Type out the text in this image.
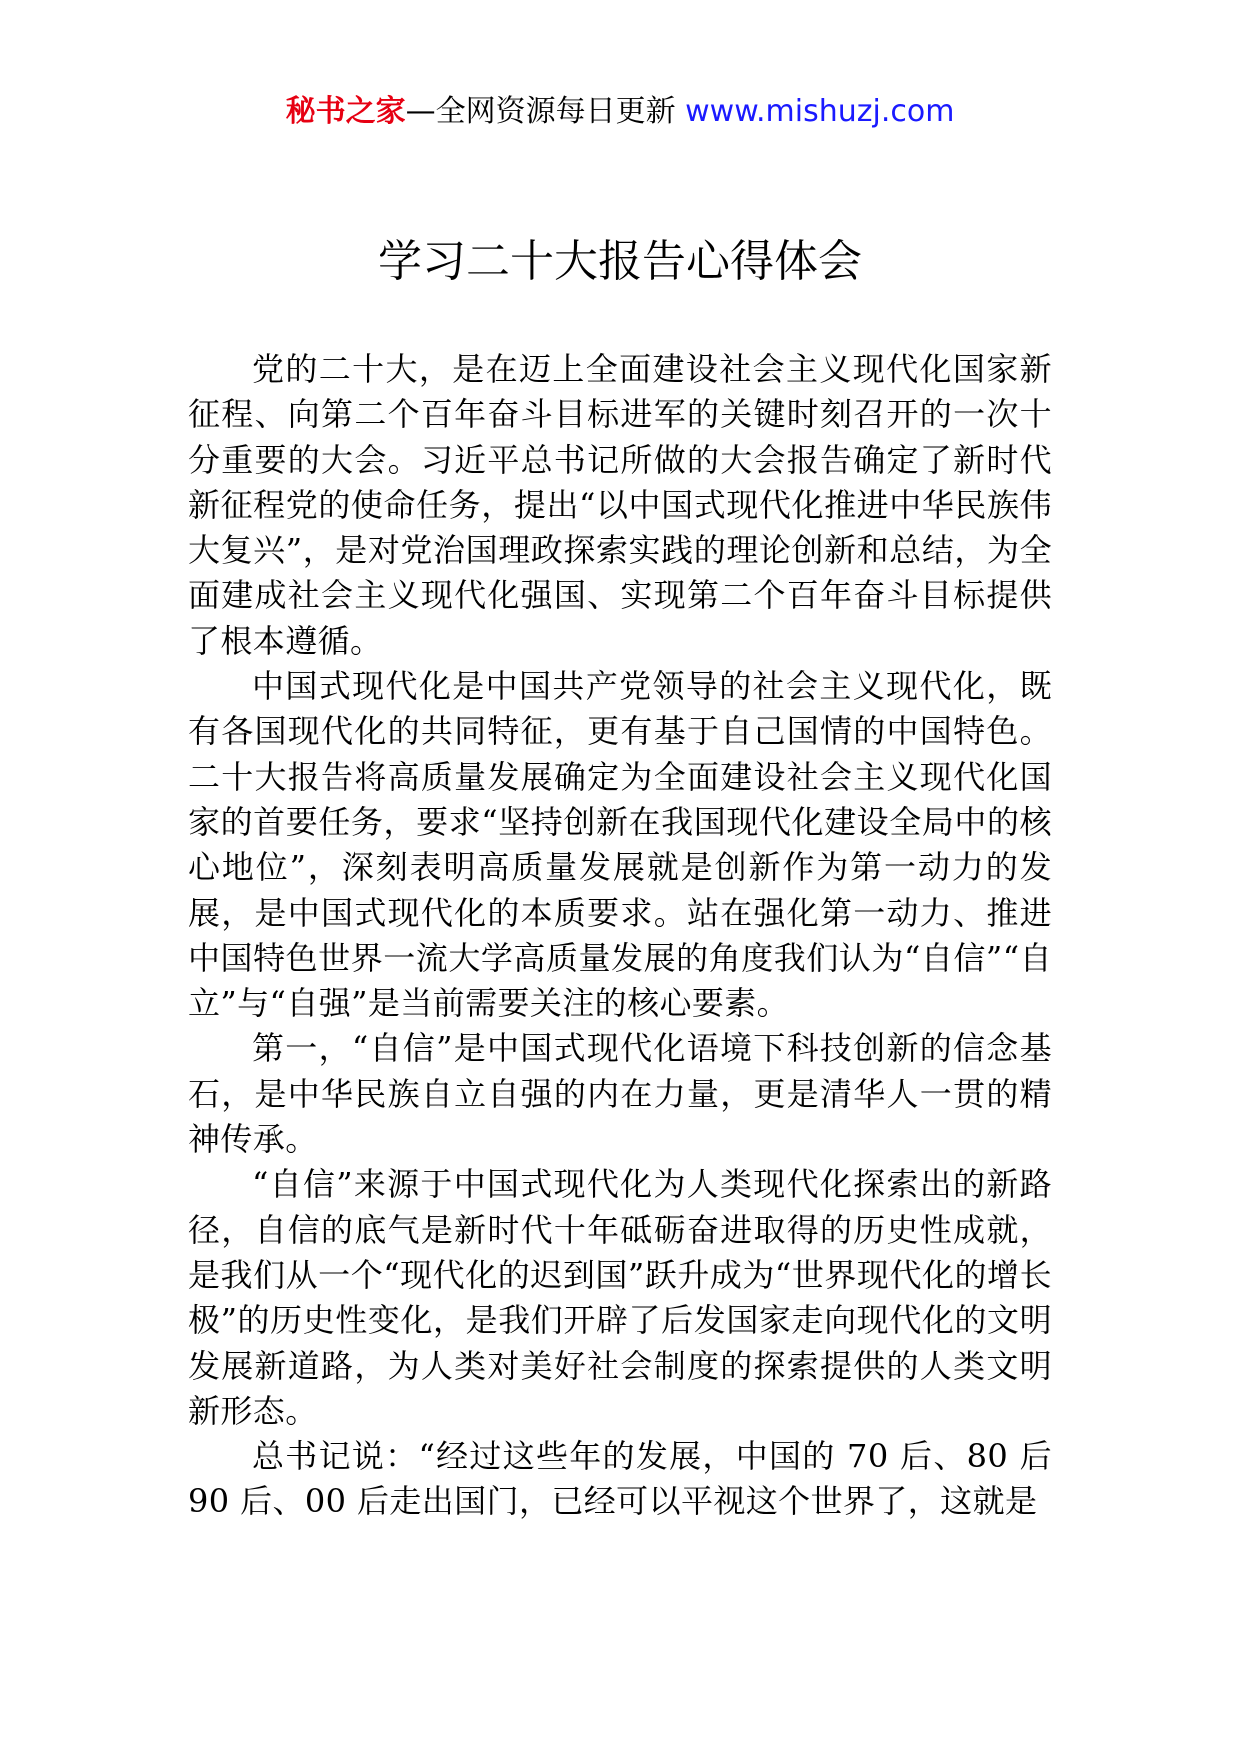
秘书之家—全网资源每日更新 www.mishuzj.com
学习二十大报告心得体会

党的二十大，是在迈上全面建设社会主义现代化国家新征程、向第二个百年奋斗目标进军的关键时刻召开的一次十分重要的大会。习近平总书记所做的大会报告确定了新时代新征程党的使命任务，提出“以中国式现代化推进中华民族伟大复兴”，是对党治国理政探索实践的理论创新和总结，为全面建成社会主义现代化强国、实现第二个百年奋斗目标提供了根本遵循。

中国式现代化是中国共产党领导的社会主义现代化，既有各国现代化的共同特征，更有基于自己国情的中国特色。二十大报告将高质量发展确定为全面建设社会主义现代化国家的首要任务，要求“坚持创新在我国现代化建设全局中的核心地位”，深刻表明高质量发展就是创新作为第一动力的发展，是中国式现代化的本质要求。站在强化第一动力、推进中国特色世界一流大学高质量发展的角度我们认为“自信”“自立”与“自强”是当前需要关注的核心要素。

第一，“自信”是中国式现代化语境下科技创新的信念基石，是中华民族自立自强的内在力量，更是清华人一贯的精神传承。

“自信”来源于中国式现代化为人类现代化探索出的新路径，自信的底气是新时代十年砥砺奋进取得的历史性成就，是我们从一个“现代化的迟到国”跃升成为“世界现代化的增长极”的历史性变化，是我们开辟了后发国家走向现代化的文明发展新道路，为人类对美好社会制度的探索提供的人类文明新形态。

总书记说：“经过这些年的发展，中国的 70 后、80 后 90 后、00 后走出国门，已经可以平视这个世界了，这就是
